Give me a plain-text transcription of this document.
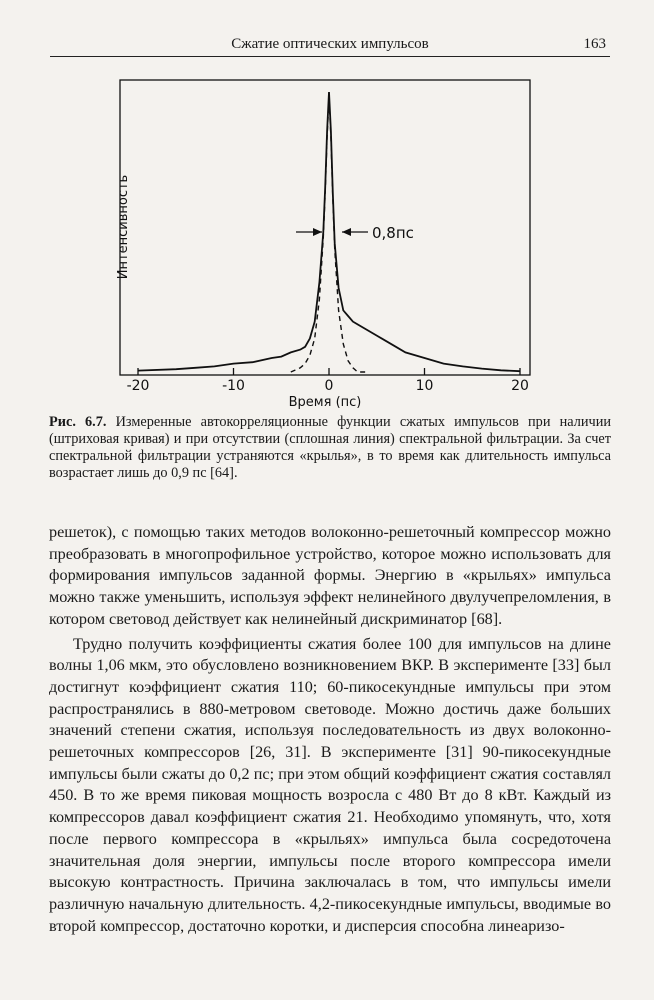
Сжатие оптических импульсов	163
-20	-10	0	10	20
0,8пс
Интенсивность
Время (пс)
Рис. 6.7. Измеренные автокорреляционные функции сжатых импульсов при наличии (штриховая кривая) и при отсутствии (сплошная линия) спектральной фильтрации. За счет спектральной фильтрации устраняются «крылья», в то время как длительность импульса возрастает лишь до 0,9 пс [64].

решеток), с помощью таких методов волоконно-решеточный компрессор можно преобразовать в многопрофильное устройство, которое можно использовать для формирования импульсов заданной формы. Энергию в «крыльях» импульса можно также уменьшить, используя эффект нелинейного двулучепреломления, в котором световод действует как нелинейный дискриминатор [68].

Трудно получить коэффициенты сжатия более 100 для импульсов на длине волны 1,06 мкм, это обусловлено возникновением ВКР. В эксперименте [33] был достигнут коэффициент сжатия 110; 60-пикосекундные импульсы при этом распространялись в 880-метровом световоде. Можно достичь даже больших значений степени сжатия, используя последовательность из двух волоконно-решеточных компрессоров [26, 31]. В эксперименте [31] 90-пикосекундные импульсы были сжаты до 0,2 пс; при этом общий коэффициент сжатия составлял 450. В то же время пиковая мощность возросла с 480 Вт до 8 кВт. Каждый из компрессоров давал коэффициент сжатия 21. Необходимо упомянуть, что, хотя после первого компрессора в «крыльях» импульса была сосредоточена значительная доля энергии, импульсы после второго компрессора имели высокую контрастность. Причина заключалась в том, что импульсы имели различную начальную длительность. 4,2-пикосекундные импульсы, вводимые во второй компрессор, достаточно коротки, и дисперсия способна линеаризо-
